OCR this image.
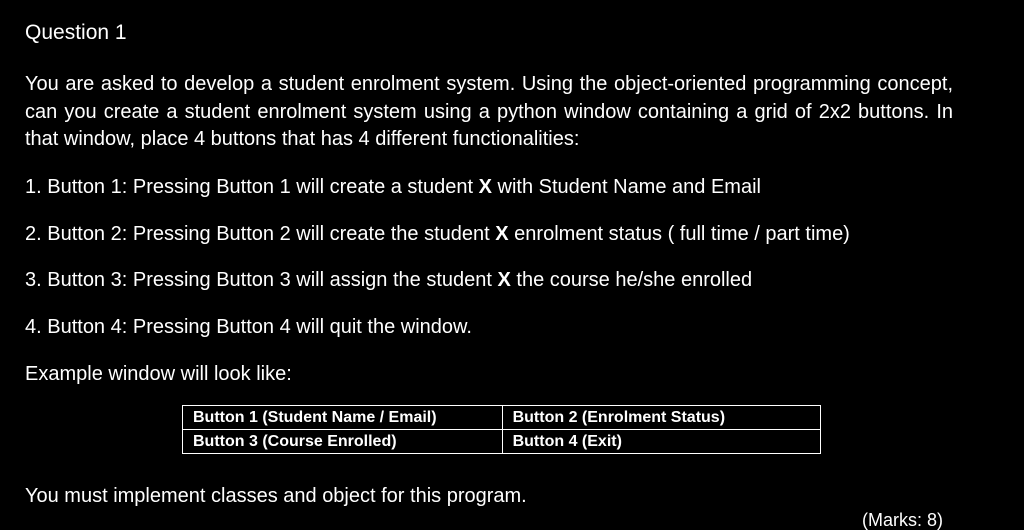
Question 1
You are asked to develop a student enrolment system. Using the object-oriented programming concept, can you create a student enrolment system using a python window containing a grid of 2x2 buttons. In that window, place 4 buttons that has 4 different functionalities:
1. Button 1: Pressing Button 1 will create a student X with Student Name and Email
2. Button 2: Pressing Button 2 will create the student X enrolment status ( full time / part time)
3. Button 3: Pressing Button 3 will assign the student X the course he/she enrolled
4. Button 4: Pressing Button 4 will quit the window.
Example window will look like:
Button 1 (Student Name / Email)	Button 2 (Enrolment Status)
Button 3 (Course Enrolled)	Button 4 (Exit)
You must implement classes and object for this program.
(Marks: 8)
